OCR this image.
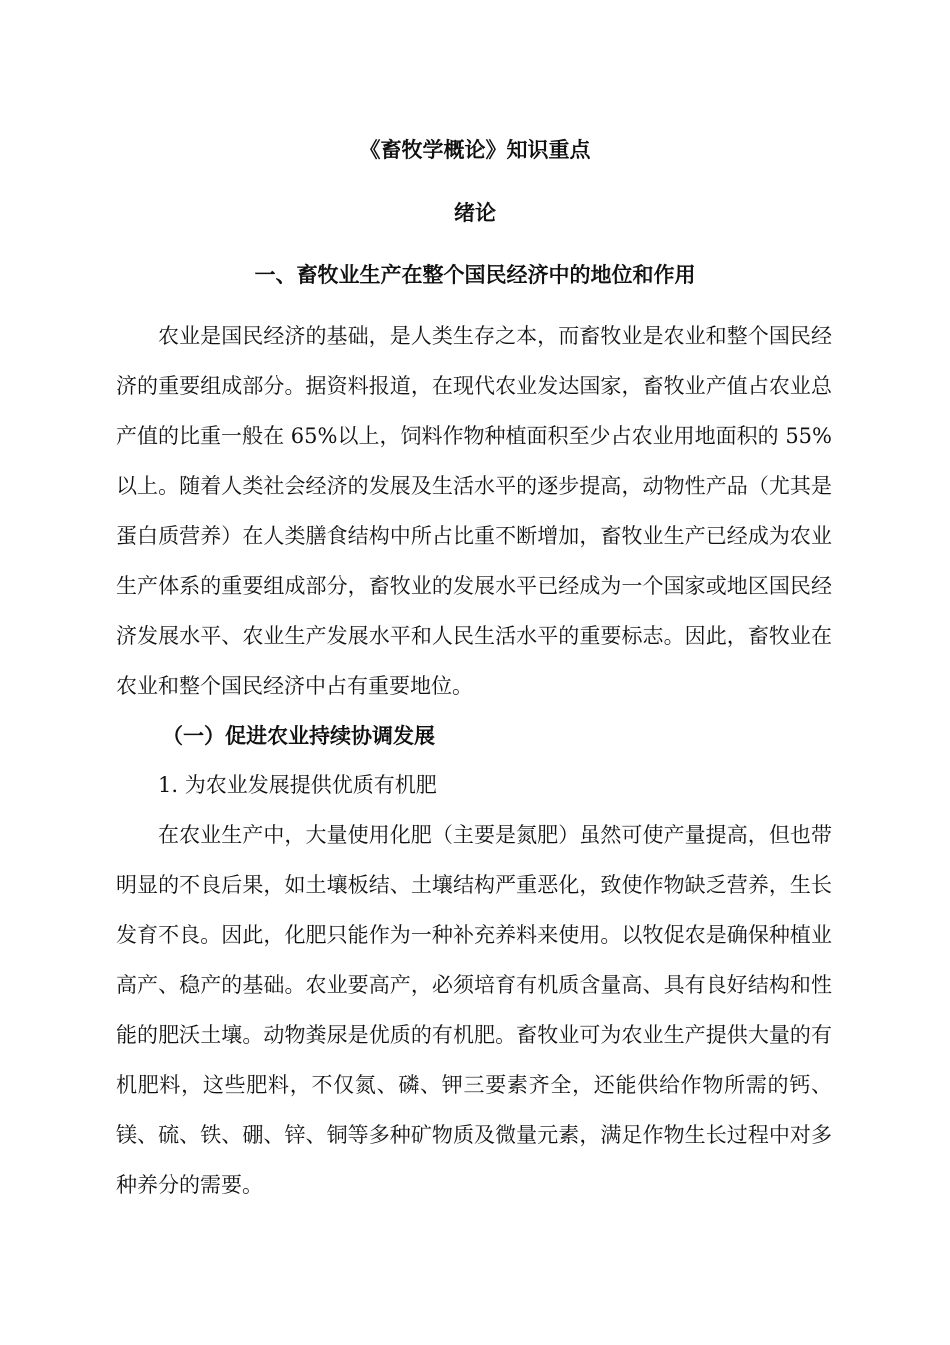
《畜牧学概论》知识重点
绪论
一、畜牧业生产在整个国民经济中的地位和作用

农业是国民经济的基础，是人类生存之本，而畜牧业是农业和整个国民经济的重要组成部分。据资料报道，在现代农业发达国家，畜牧业产值占农业总产值的比重一般在 65%以上，饲料作物种植面积至少占农业用地面积的 55%以上。随着人类社会经济的发展及生活水平的逐步提高，动物性产品（尤其是蛋白质营养）在人类膳食结构中所占比重不断增加，畜牧业生产已经成为农业生产体系的重要组成部分，畜牧业的发展水平已经成为一个国家或地区国民经济发展水平、农业生产发展水平和人民生活水平的重要标志。因此，畜牧业在农业和整个国民经济中占有重要地位。

（一）促进农业持续协调发展

1. 为农业发展提供优质有机肥

在农业生产中，大量使用化肥（主要是氮肥）虽然可使产量提高，但也带明显的不良后果，如土壤板结、土壤结构严重恶化，致使作物缺乏营养，生长发育不良。因此，化肥只能作为一种补充养料来使用。以牧促农是确保种植业高产、稳产的基础。农业要高产，必须培育有机质含量高、具有良好结构和性能的肥沃土壤。动物粪尿是优质的有机肥。畜牧业可为农业生产提供大量的有机肥料，这些肥料，不仅氮、磷、钾三要素齐全，还能供给作物所需的钙、镁、硫、铁、硼、锌、铜等多种矿物质及微量元素，满足作物生长过程中对多种养分的需要。
